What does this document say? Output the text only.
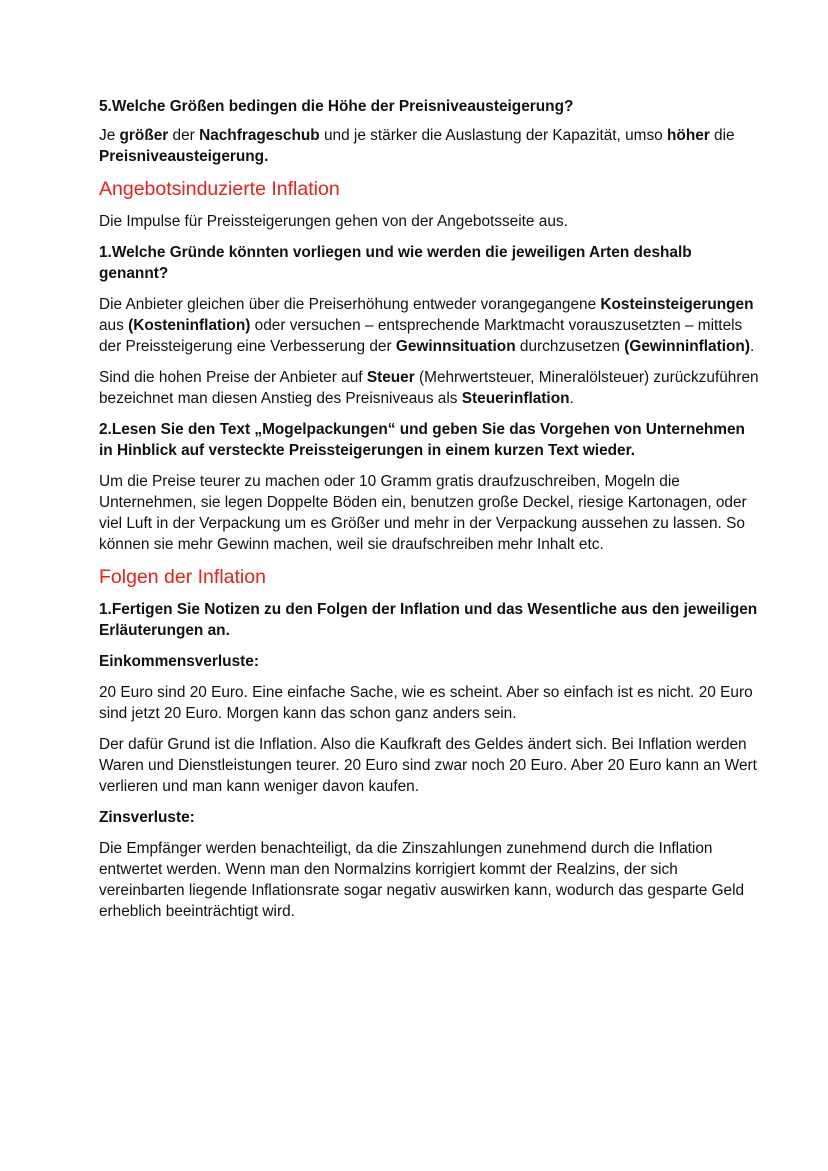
5.Welche Größen bedingen die Höhe der Preisniveausteigerung?

Je größer der Nachfrageschub und je stärker die Auslastung der Kapazität, umso höher die Preisniveausteigerung.

Angebotsinduzierte Inflation

Die Impulse für Preissteigerungen gehen von der Angebotsseite aus.

1.Welche Gründe könnten vorliegen und wie werden die jeweiligen Arten deshalb genannt?

Die Anbieter gleichen über die Preiserhöhung entweder vorangegangene Kosteinsteigerungen aus (Kosteninflation) oder versuchen – entsprechende Marktmacht vorauszusetzten – mittels der Preissteigerung eine Verbesserung der Gewinnsituation durchzusetzen (Gewinninflation).

Sind die hohen Preise der Anbieter auf Steuer (Mehrwertsteuer, Mineralölsteuer) zurückzuführen bezeichnet man diesen Anstieg des Preisniveaus als Steuerinflation.

2.Lesen Sie den Text „Mogelpackungen“ und geben Sie das Vorgehen von Unternehmen in Hinblick auf versteckte Preissteigerungen in einem kurzen Text wieder.

Um die Preise teurer zu machen oder 10 Gramm gratis draufzuschreiben, Mogeln die Unternehmen, sie legen Doppelte Böden ein, benutzen große Deckel, riesige Kartonagen, oder viel Luft in der Verpackung um es Größer und mehr in der Verpackung aussehen zu lassen. So können sie mehr Gewinn machen, weil sie draufschreiben mehr Inhalt etc.

Folgen der Inflation

1.Fertigen Sie Notizen zu den Folgen der Inflation und das Wesentliche aus den jeweiligen Erläuterungen an.

Einkommensverluste:

20 Euro sind 20 Euro. Eine einfache Sache, wie es scheint. Aber so einfach ist es nicht. 20 Euro sind jetzt 20 Euro. Morgen kann das schon ganz anders sein.

Der dafür Grund ist die Inflation. Also die Kaufkraft des Geldes ändert sich. Bei Inflation werden Waren und Dienstleistungen teurer. 20 Euro sind zwar noch 20 Euro. Aber 20 Euro kann an Wert verlieren und man kann weniger davon kaufen.

Zinsverluste:

Die Empfänger werden benachteiligt, da die Zinszahlungen zunehmend durch die Inflation entwertet werden. Wenn man den Normalzins korrigiert kommt der Realzins, der sich vereinbarten liegende Inflationsrate sogar negativ auswirken kann, wodurch das gesparte Geld erheblich beeinträchtigt wird.
